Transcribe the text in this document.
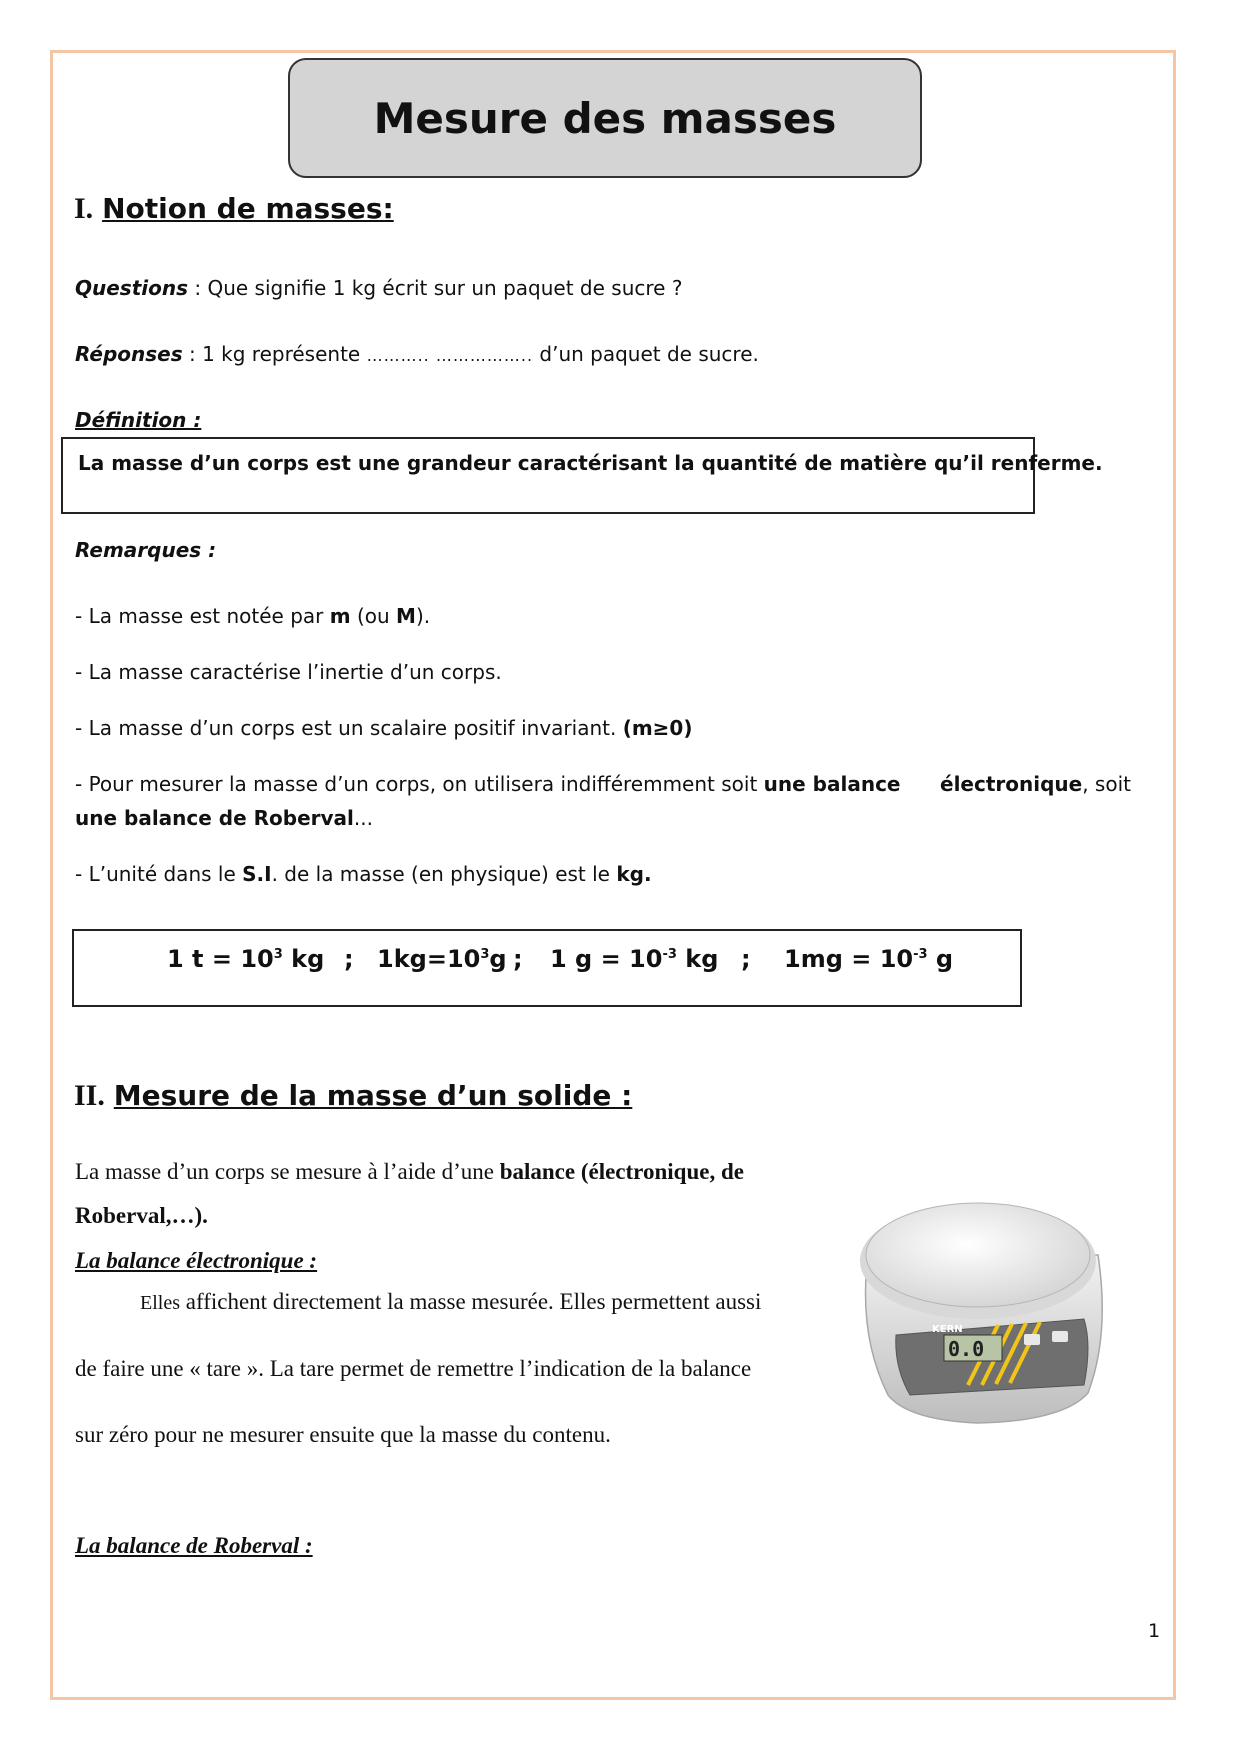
Mesure des masses
I. Notion de masses:
Questions : Que signifie 1 kg écrit sur un paquet de sucre ?
Réponses : 1 kg représente ……….. …………….. d’un paquet de sucre.
Définition :
La masse d’un corps est une grandeur caractérisant la quantité de matière qu’il renferme.
Remarques :
- La masse est notée par m (ou M).
- La masse caractérise l’inertie d’un corps.
- La masse d’un corps est un scalaire positif invariant. (m≥0)
- Pour mesurer la masse d’un corps, on utilisera indifféremment soit une balance électronique, soit
une balance de Roberval...
- L’unité dans le S.I. de la masse (en physique) est le kg.
1 $t = 10^3$ kg ; $1kg=10^3g$ ; 1 $g = 10^{-3}$ kg ; $1mg = 10^{-3}$ g
II. Mesure de la masse d’un solide :
La masse d’un corps se mesure à l’aide d’une balance (électronique, de
Roberval,…).
La balance électronique :
Elles affichent directement la masse mesurée. Elles permettent aussi
de faire une « tare ». La tare permet de remettre l’indication de la balance
sur zéro pour ne mesurer ensuite que la masse du contenu.
La balance de Roberval :
0.0
KERN
1
